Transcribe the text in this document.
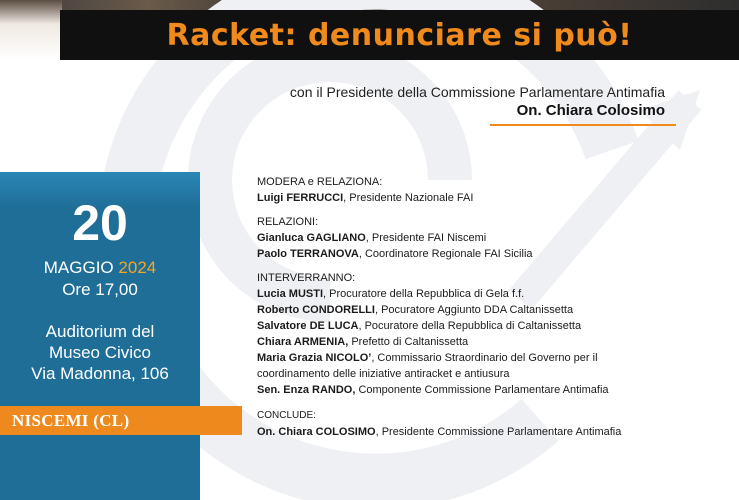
Racket: denunciare si può!
con il Presidente della Commissione Parlamentare Antimafia
On. Chiara Colosimo
20
MAGGIO 2024
Ore 17,00
Auditorium del
Museo Civico
Via Madonna, 106
NISCEMI (CL)
MODERA e RELAZIONA:
Luigi FERRUCCI, Presidente Nazionale FAI
RELAZIONI:
Gianluca GAGLIANO, Presidente FAI Niscemi
Paolo TERRANOVA, Coordinatore Regionale FAI Sicilia
INTERVERRANNO:
Lucia MUSTI, Procuratore della Repubblica di Gela f.f.
Roberto CONDORELLI, Pocuratore Aggiunto DDA Caltanissetta
Salvatore DE LUCA, Pocuratore della Repubblica di Caltanissetta
Chiara ARMENIA, Prefetto di Caltanissetta
Maria Grazia NICOLO’, Commissario Straordinario del Governo per il
coordinamento delle iniziative antiracket e antiusura
Sen. Enza RANDO, Componente Commissione Parlamentare Antimafia
CONCLUDE:
On. Chiara COLOSIMO, Presidente Commissione Parlamentare Antimafia
